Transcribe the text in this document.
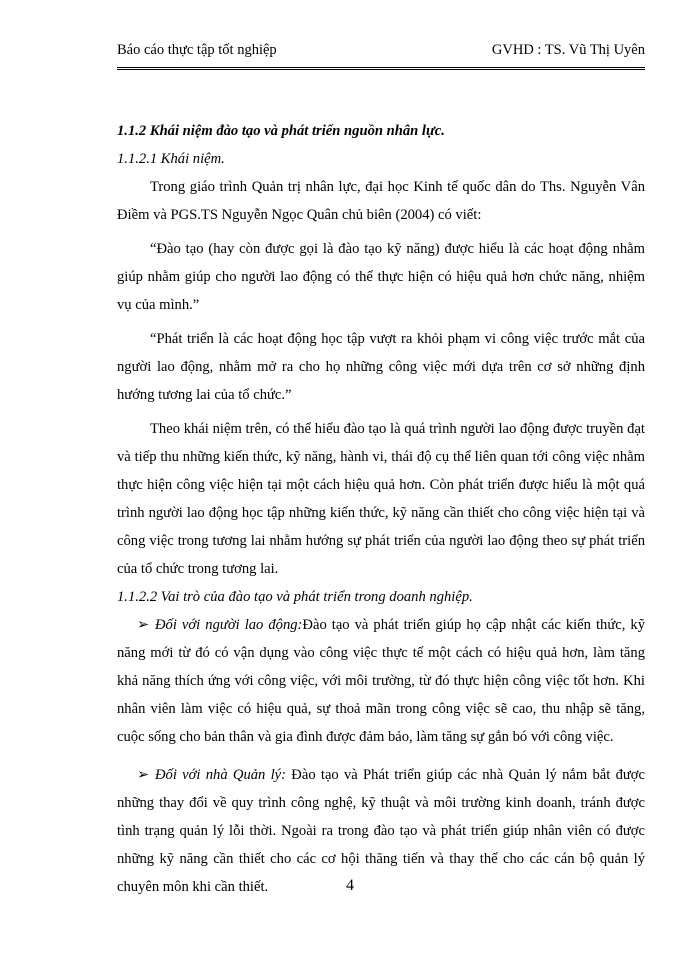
Báo cáo thực tập tốt nghiệp	GVHD : TS. Vũ Thị Uyên

1.1.2 Khái niệm đào tạo và phát triển nguồn nhân lực.

1.1.2.1 Khái niệm.

Trong giáo trình Quản trị nhân lực, đại học Kinh tế quốc dân do Ths. Nguyễn Vân Điềm và PGS.TS Nguyễn Ngọc Quân chủ biên (2004) có viết:

“Đào tạo (hay còn được gọi là đào tạo kỹ năng) được hiểu là các hoạt động nhằm giúp nhằm giúp cho người lao động có thể thực hiện có hiệu quả hơn chức năng, nhiệm vụ của mình.”

“Phát triển là các hoạt động học tập vượt ra khỏi phạm vi công việc trước mắt của người lao động, nhằm mở ra cho họ những công việc mới dựa trên cơ sở những định hướng tương lai của tổ chức.”

Theo khái niệm trên, có thể hiểu đào tạo là quá trình người lao động được truyền đạt và tiếp thu những kiến thức, kỹ năng, hành vi, thái độ cụ thể liên quan tới công việc nhằm thực hiện công việc hiện tại một cách hiệu quả hơn. Còn phát triển được hiểu là một quá trình người lao động học tập những kiến thức, kỹ năng cần thiết cho công việc hiện tại và công việc trong tương lai nhằm hướng sự phát triển của người lao động theo sự phát triển của tổ chức trong tương lai.

1.1.2.2 Vai trò của đào tạo và phát triển trong doanh nghiệp.

➢ Đối với người lao động:Đào tạo và phát triển giúp họ cập nhật các kiến thức, kỹ năng mới từ đó có vận dụng vào công việc thực tế một cách có hiệu quả hơn, làm tăng khả năng thích ứng với công việc, với môi trường, từ đó thực hiện công việc tốt hơn. Khi nhân viên làm việc có hiệu quả, sự thoả mãn trong công việc sẽ cao, thu nhập sẽ tăng, cuộc sống cho bản thân và gia đình được đảm bảo, làm tăng sự gắn bó với công việc.

➢ Đối với nhà Quản lý: Đào tạo và Phát triển giúp các nhà Quản lý nắm bắt được những thay đổi về quy trình công nghệ, kỹ thuật và môi trường kinh doanh, tránh được tình trạng quản lý lỗi thời. Ngoài ra trong đào tạo và phát triển giúp nhân viên có được những kỹ năng cần thiết cho các cơ hội thăng tiến và thay thế cho các cán bộ quản lý chuyên môn khi cần thiết.	4
